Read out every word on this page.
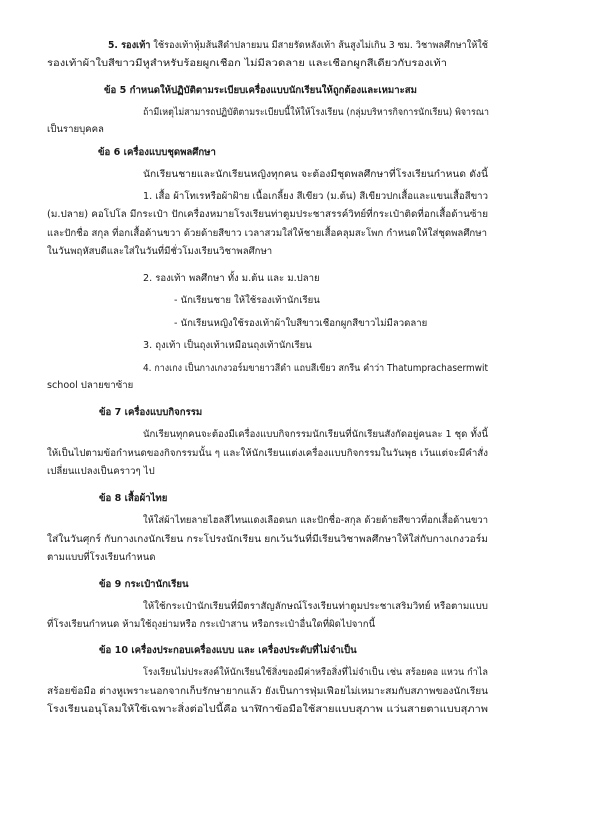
5. รองเท้า ใช้รองเท้าหุ้มส้นสีดำปลายมน มีสายรัดหลังเท้า ส้นสูงไม่เกิน 3 ซม. วิชาพลศึกษาให้ใช้
รองเท้าผ้าใบสีขาวมีหูสำหรับร้อยผูกเชือก ไม่มีลวดลาย และเชือกผูกสีเดียวกับรองเท้า
ข้อ 5 กำหนดให้ปฏิบัติตามระเบียบเครื่องแบบนักเรียนให้ถูกต้องและเหมาะสม
ถ้ามีเหตุไม่สามารถปฏิบัติตามระเบียบนี้ให้ให้โรงเรียน (กลุ่มบริหารกิจการนักเรียน) พิจารณา
เป็นรายบุคคล
ข้อ 6 เครื่องแบบชุดพลศึกษา
นักเรียนชายและนักเรียนหญิงทุกคน จะต้องมีชุดพลศึกษาที่โรงเรียนกำหนด ดังนี้
1. เสื้อ ผ้าโทเรหรือผ้าฝ้าย เนื้อเกลี้ยง สีเขียว (ม.ต้น) สีเขียวปกเสื้อและแขนเสื้อสีขาว
(ม.ปลาย) คอโปโล มีกระเป๋า ปักเครื่องหมายโรงเรียนท่าตูมประชาสรรค์วิทย์ที่กระเป๋าติดที่อกเสื้อด้านซ้าย
และปักชื่อ สกุล ที่อกเสื้อด้านขวา ด้วยด้ายสีขาว เวลาสวมใส่ให้ชายเสื้อคลุมสะโพก กำหนดให้ใส่ชุดพลศึกษา
ในวันพฤหัสบดีและใส่ในวันที่มีชั่วโมงเรียนวิชาพลศึกษา
2. รองเท้า พลศึกษา ทั้ง ม.ต้น และ ม.ปลาย
- นักเรียนชาย ให้ใช้รองเท้านักเรียน
- นักเรียนหญิงใช้รองเท้าผ้าใบสีขาวเชือกผูกสีขาวไม่มีลวดลาย
3. ถุงเท้า เป็นถุงเท้าเหมือนถุงเท้านักเรียน
4. กางเกง เป็นกางเกงวอร์มขายาวสีดำ แถบสีเขียว สกรีน คำว่า Thatumprachasermwit
school ปลายขาซ้าย
ข้อ 7 เครื่องแบบกิจกรรม
นักเรียนทุกคนจะต้องมีเครื่องแบบกิจกรรมนักเรียนที่นักเรียนสังกัดอยู่คนละ 1 ชุด ทั้งนี้
ให้เป็นไปตามข้อกำหนดของกิจกรรมนั้น ๆ และให้นักเรียนแต่งเครื่องแบบกิจกรรมในวันพุธ เว้นแต่จะมีคำสั่ง
เปลี่ยนแปลงเป็นคราวๆ ไป
ข้อ 8 เสื้อผ้าไทย
ให้ใส่ผ้าไทยลายไฮลสีไทนแดงเลือดนก และปักชื่อ-สกุล ด้วยด้ายสีขาวที่อกเสื้อด้านขวา
ใส่ในวันศุกร์ กับกางเกงนักเรียน กระโปรงนักเรียน ยกเว้นวันที่มีเรียนวิชาพลศึกษาให้ใส่กับกางเกงวอร์ม
ตามแบบที่โรงเรียนกำหนด
ข้อ 9 กระเป๋านักเรียน
ให้ใช้กระเป๋านักเรียนที่มีตราสัญลักษณ์โรงเรียนท่าตูมประชาเสริมวิทย์ หรือตามแบบ
ที่โรงเรียนกำหนด ห้ามใช้ถุงย่ามหรือ กระเป๋าสาน หรือกระเป๋าอื่นใดที่ผิดไปจากนี้
ข้อ 10 เครื่องประกอบเครื่องแบบ และ เครื่องประดับที่ไม่จำเป็น
โรงเรียนไม่ประสงค์ให้นักเรียนใช้สิ่งของมีค่าหรือสิ่งที่ไม่จำเป็น เช่น สร้อยคอ แหวน กำไล
สร้อยข้อมือ ต่างหูเพราะนอกจากเก็บรักษายากแล้ว ยังเป็นการฟุ่มเฟือยไม่เหมาะสมกับสภาพของนักเรียน
โรงเรียนอนุโลมให้ใช้เฉพาะสิ่งต่อไปนี้คือ นาฬิกาข้อมือใช้สายแบบสุภาพ แว่นสายตาแบบสุภาพ
